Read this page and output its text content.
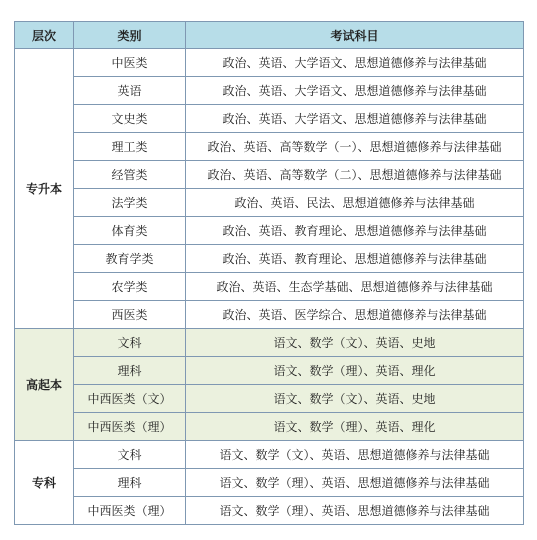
层次	类别	考试科目
专升本	中医类	政治、英语、大学语文、思想道德修养与法律基础
	英语	政治、英语、大学语文、思想道德修养与法律基础
	文史类	政治、英语、大学语文、思想道德修养与法律基础
	理工类	政治、英语、高等数学（一）、思想道德修养与法律基础
	经管类	政治、英语、高等数学（二）、思想道德修养与法律基础
	法学类	政治、英语、民法、思想道德修养与法律基础
	体育类	政治、英语、教育理论、思想道德修养与法律基础
	教育学类	政治、英语、教育理论、思想道德修养与法律基础
	农学类	政治、英语、生态学基础、思想道德修养与法律基础
	西医类	政治、英语、医学综合、思想道德修养与法律基础
高起本	文科	语文、数学（文）、英语、史地
	理科	语文、数学（理）、英语、理化
	中西医类（文）	语文、数学（文）、英语、史地
	中西医类（理）	语文、数学（理）、英语、理化
专科	文科	语文、数学（文）、英语、思想道德修养与法律基础
	理科	语文、数学（理）、英语、思想道德修养与法律基础
	中西医类（理）	语文、数学（理）、英语、思想道德修养与法律基础
